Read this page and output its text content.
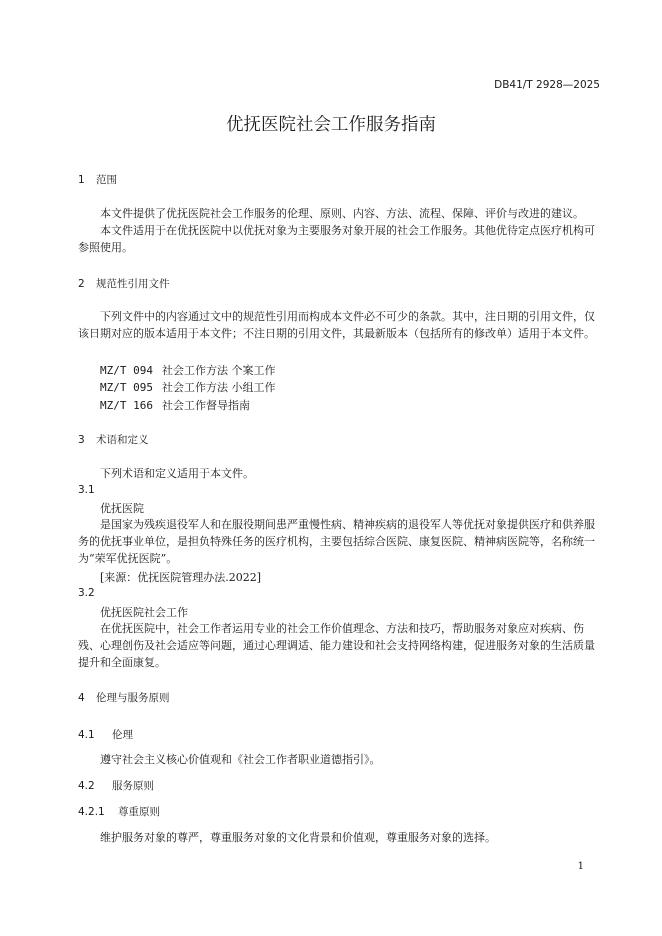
DB41/T 2928—2025
优抚医院社会工作服务指南
1 范围
本文件提供了优抚医院社会工作服务的伦理、原则、内容、方法、流程、保障、评价与改进的建议。
本文件适用于在优抚医院中以优抚对象为主要服务对象开展的社会工作服务。其他优待定点医疗机构可参照使用。
2 规范性引用文件
下列文件中的内容通过文中的规范性引用而构成本文件必不可少的条款。其中，注日期的引用文件，仅该日期对应的版本适用于本文件；不注日期的引用文件，其最新版本（包括所有的修改单）适用于本文件。
MZ/T 094 社会工作方法 个案工作
MZ/T 095 社会工作方法 小组工作
MZ/T 166 社会工作督导指南
3 术语和定义
下列术语和定义适用于本文件。
3.1
优抚医院
是国家为残疾退役军人和在服役期间患严重慢性病、精神疾病的退役军人等优抚对象提供医疗和供养服务的优抚事业单位，是担负特殊任务的医疗机构，主要包括综合医院、康复医院、精神病医院等，名称统一为“荣军优抚医院”。
[来源：优抚医院管理办法.2022]
3.2
优抚医院社会工作
在优抚医院中，社会工作者运用专业的社会工作价值理念、方法和技巧，帮助服务对象应对疾病、伤残、心理创伤及社会适应等问题，通过心理调适、能力建设和社会支持网络构建，促进服务对象的生活质量提升和全面康复。
4 伦理与服务原则
4.1 伦理
遵守社会主义核心价值观和《社会工作者职业道德指引》。
4.2 服务原则
4.2.1 尊重原则
维护服务对象的尊严，尊重服务对象的文化背景和价值观，尊重服务对象的选择。
1
